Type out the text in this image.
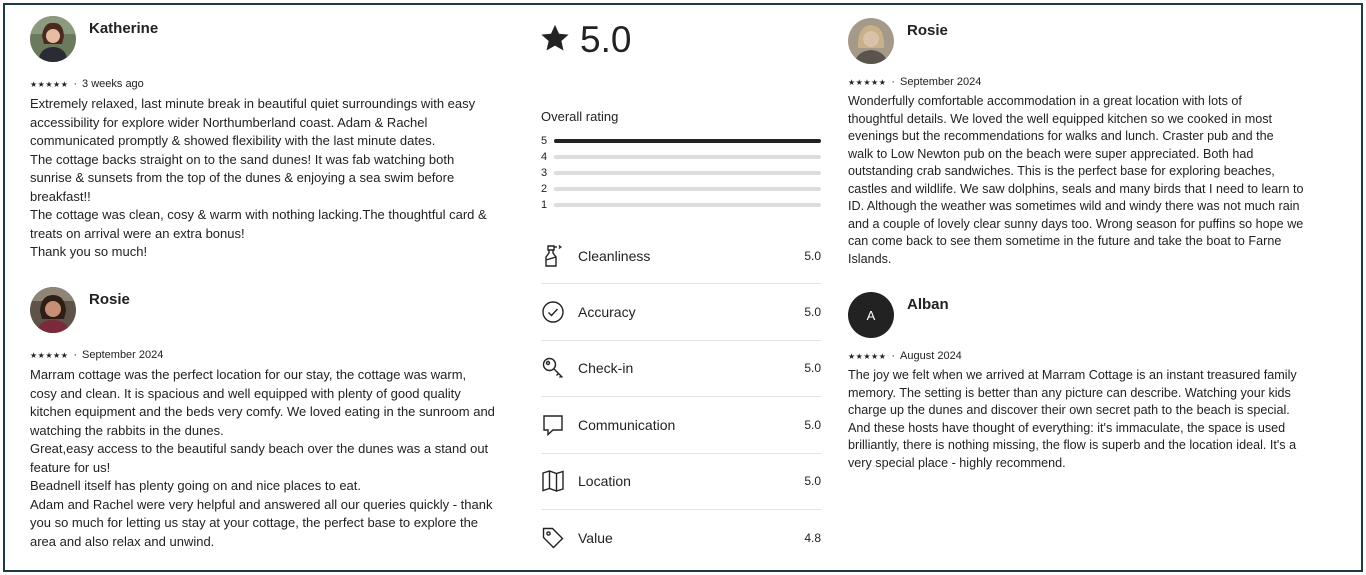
Katherine
★★★★★ · 3 weeks ago
Extremely relaxed, last minute break in beautiful quiet surroundings with easy
accessibility for explore wider Northumberland coast. Adam & Rachel
communicated promptly & showed flexibility with the last minute dates.
The cottage backs straight on to the sand dunes! It was fab watching both
sunrise & sunsets from the top of the dunes & enjoying a sea swim before
breakfast!!
The cottage was clean, cosy & warm with nothing lacking.The thoughtful card &
treats on arrival were an extra bonus!
Thank you so much!
Rosie
★★★★★ · September 2024
Marram cottage was the perfect location for our stay, the cottage was warm,
cosy and clean. It is spacious and well equipped with plenty of good quality
kitchen equipment and the beds very comfy. We loved eating in the sunroom and
watching the rabbits in the dunes.
Great,easy access to the beautiful sandy beach over the dunes was a stand out
feature for us!
Beadnell itself has plenty going on and nice places to eat.
Adam and Rachel were very helpful and answered all our queries quickly - thank
you so much for letting us stay at your cottage, the perfect base to explore the
area and also relax and unwind.
5.0
Overall rating
5
4
3
2
1
Cleanliness	5.0
Accuracy	5.0
Check-in	5.0
Communication	5.0
Location	5.0
Value	4.8
Rosie
★★★★★ · September 2024
Wonderfully comfortable accommodation in a great location with lots of
thoughtful details. We loved the well equipped kitchen so we cooked in most
evenings but the recommendations for walks and lunch. Craster pub and the
walk to Low Newton pub on the beach were super appreciated. Both had
outstanding crab sandwiches. This is the perfect base for exploring beaches,
castles and wildlife. We saw dolphins, seals and many birds that I need to learn to
ID. Although the weather was sometimes wild and windy there was not much rain
and a couple of lovely clear sunny days too. Wrong season for puffins so hope we
can come back to see them sometime in the future and take the boat to Farne
Islands.
A
Alban
★★★★★ · August 2024
The joy we felt when we arrived at Marram Cottage is an instant treasured family
memory. The setting is better than any picture can describe. Watching your kids
charge up the dunes and discover their own secret path to the beach is special.
And these hosts have thought of everything: it's immaculate, the space is used
brilliantly, there is nothing missing, the flow is superb and the location ideal. It's a
very special place - highly recommend.
